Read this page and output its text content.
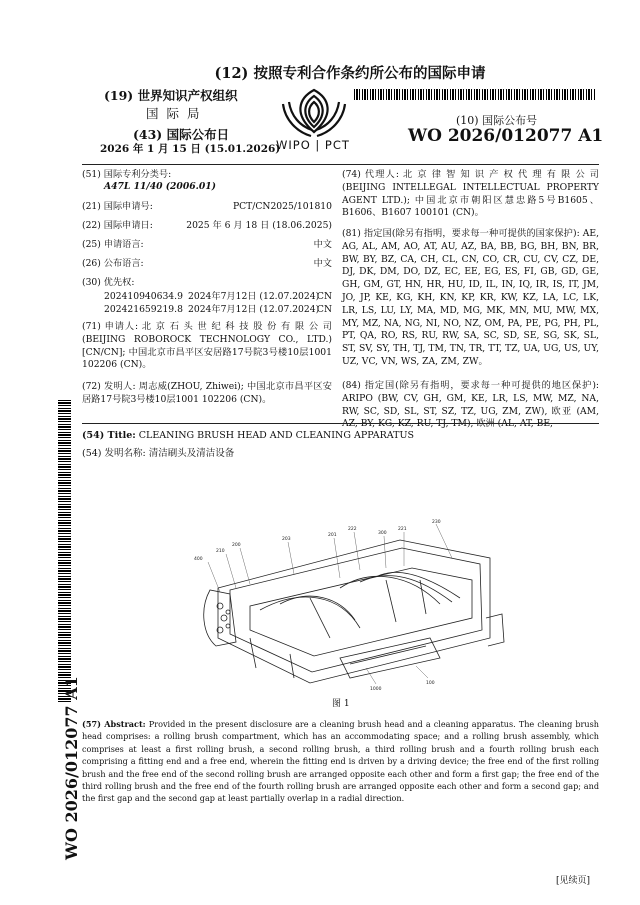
(12) 按照专利合作条约所公布的国际申请
(19) 世界知识产权组织
国 际 局
(43) 国际公布日
2026 年 1 月 15 日 (15.01.2026)
WIPO | PCT
(10) 国际公布号
WO 2026/012077 A1
(51) 国际专利分类号:
A47L 11/40 (2006.01)
(21) 国际申请号:	PCT/CN2025/101810
(22) 国际申请日:	2025 年 6 月 18 日 (18.06.2025)
(25) 申请语言:	中文
(26) 公布语言:	中文
(30) 优先权:
202410940634.9 2024年7月12日 (12.07.2024)
CN
202421659219.8 2024年7月12日 (12.07.2024)
CN
(71) 申请人: 北 京 石 头 世 纪 科 技 股 份 有 限 公 司 (BEIJING ROBOROCK TECHNOLOGY CO., LTD.) [CN/CN]; 中国北京市昌平区安居路17号院3号楼10层1001 102206 (CN)。
(72) 发明人: 周志威(ZHOU, Zhiwei); 中国北京市昌平区安居路17号院3号楼10层1001 102206 (CN)。
(74) 代理人: 北 京 律 智 知 识 产 权 代 理 有 限 公 司 (BEIJING INTELLEGAL INTELLECTUAL PROPERTY AGENT LTD.); 中国北京市朝阳区慧忠路5号B1605、B1606、B1607 100101 (CN)。
(81) 指定国(除另有指明，要求每一种可提供的国家保护): AE, AG, AL, AM, AO, AT, AU, AZ, BA, BB, BG, BH, BN, BR, BW, BY, BZ, CA, CH, CL, CN, CO, CR, CU, CV, CZ, DE, DJ, DK, DM, DO, DZ, EC, EE, EG, ES, FI, GB, GD, GE, GH, GM, GT, HN, HR, HU, ID, IL, IN, IQ, IR, IS, IT, JM, JO, JP, KE, KG, KH, KN, KP, KR, KW, KZ, LA, LC, LK, LR, LS, LU, LY, MA, MD, MG, MK, MN, MU, MW, MX, MY, MZ, NA, NG, NI, NO, NZ, OM, PA, PE, PG, PH, PL, PT, QA, RO, RS, RU, RW, SA, SC, SD, SE, SG, SK, SL, ST, SV, SY, TH, TJ, TM, TN, TR, TT, TZ, UA, UG, US, UY, UZ, VC, VN, WS, ZA, ZM, ZW。
(84) 指定国(除另有指明，要求每一种可提供的地区保护): ARIPO (BW, CV, GH, GM, KE, LR, LS, MW, MZ, NA, RW, SC, SD, SL, ST, SZ, TZ, UG, ZM, ZW), 欧亚 (AM, AZ, BY, KG, KZ, RU, TJ, TM), 欧洲 (AL, AT, BE,
(54) Title: CLEANING BRUSH HEAD AND CLEANING APPARATUS
(54) 发明名称: 清洁刷头及清洁设备
WO 2026/012077 A1
400
210
200
203
201
222
300
221
230
100
1000
图 1
(57) Abstract: Provided in the present disclosure are a cleaning brush head and a cleaning apparatus. The cleaning brush head comprises: a rolling brush compartment, which has an accommodating space; and a rolling brush assembly, which comprises at least a first rolling brush, a second rolling brush, a third rolling brush and a fourth rolling brush each comprising a fitting end and a free end, wherein the fitting end is driven by a driving device; the free end of the first rolling brush and the free end of the second rolling brush are arranged opposite each other and form a first gap; the free end of the third rolling brush and the free end of the fourth rolling brush are arranged opposite each other and form a second gap; and the first gap and the second gap at least partially overlap in a radial direction.
[见续页]
